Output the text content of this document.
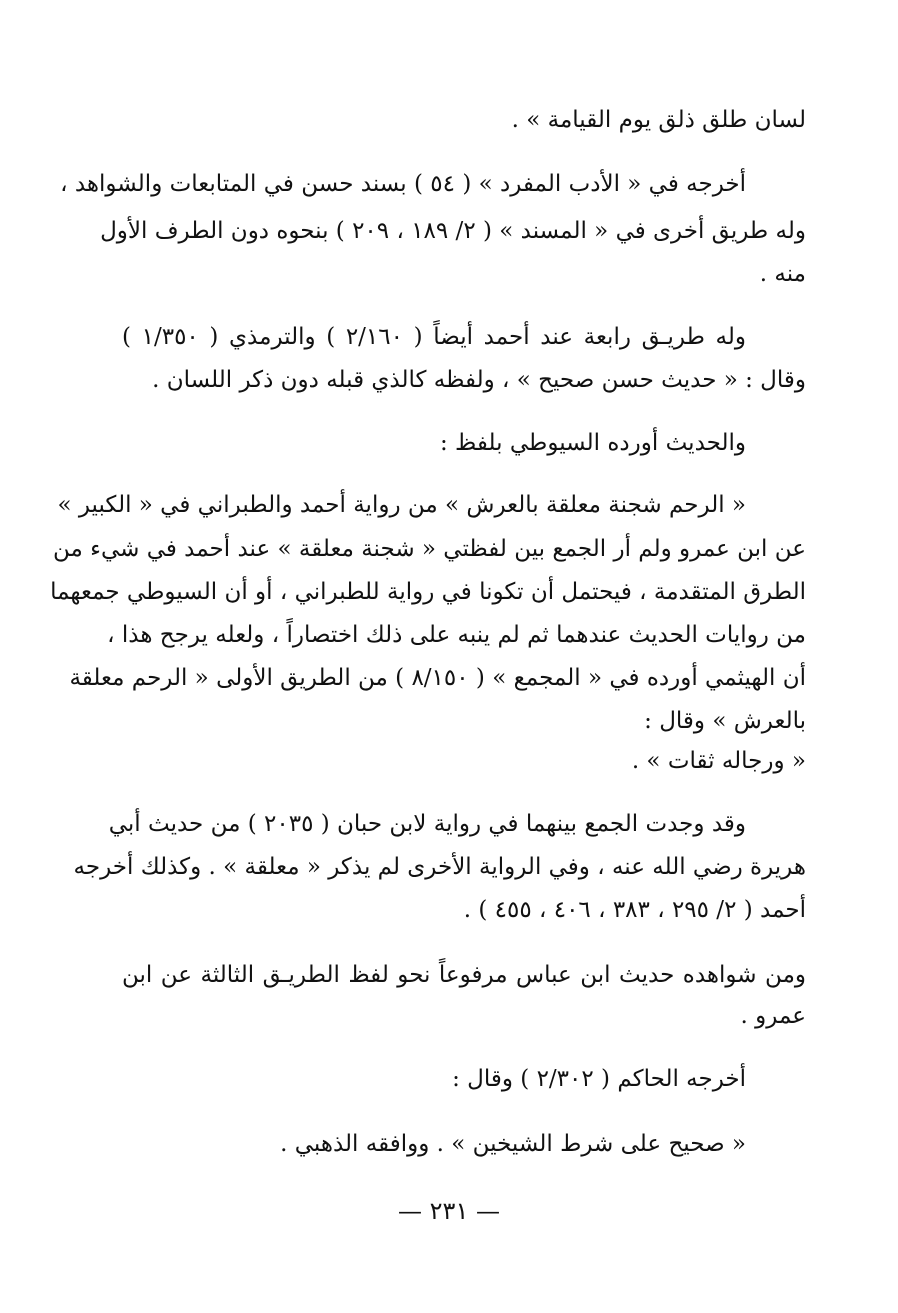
لسان طلق ذلق يوم القيامة » .
أخرجه في « الأدب المفرد » ( ٥٤ ) بسند حسن في المتابعات والشواهد ،
وله طريق أخرى في « المسند » ( ٢/ ١٨٩ ، ٢٠٩ ) بنحوه دون الطرف الأول
منه .
وله طريـق رابعة عند أحمد أيضاً ( ٢/١٦٠ ) والترمذي ( ١/٣٥٠ )
وقال : « حديث حسن صحيح » ، ولفظه كالذي قبله دون ذكر اللسان .
والحديث أورده السيوطي بلفظ :
« الرحم شجنة معلقة بالعرش » من رواية أحمد والطبراني في « الكبير »
عن ابن عمرو ولم أر الجمع بين لفظتي « شجنة معلقة » عند أحمد في شيء من
الطرق المتقدمة ، فيحتمل أن تكونا في رواية للطبراني ، أو أن السيوطي جمعهما
من روايات الحديث عندهما ثم لم ينبه على ذلك اختصاراً ، ولعله يرجح هذا ،
أن الهيثمي أورده في « المجمع » ( ٨/١٥٠ ) من الطريق الأولى « الرحم معلقة
بالعرش » وقال :
« ورجاله ثقات » .
وقد وجدت الجمع بينهما في رواية لابن حبان ( ٢٠٣٥ ) من حديث أبي
هريرة رضي الله عنه ، وفي الرواية الأخرى لم يذكر « معلقة » . وكذلك أخرجه
أحمد ( ٢/ ٢٩٥ ، ٣٨٣ ، ٤٠٦ ، ٤٥٥ ) .
ومن شواهده حديث ابن عباس مرفوعاً نحو لفظ الطريـق الثالثة عن ابن
عمرو .
أخرجه الحاكم ( ٢/٣٠٢ ) وقال :
« صحيح على شرط الشيخين » . ووافقه الذهبي .
— ٢٣١ —
